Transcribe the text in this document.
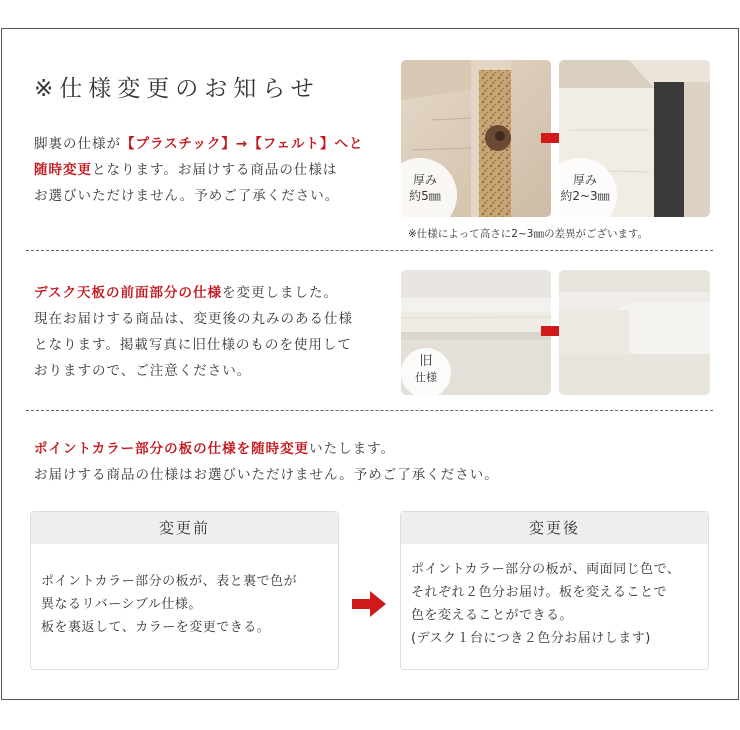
※仕様変更のお知らせ
脚裏の仕様が【プラスチック】→【フェルト】へと
随時変更となります。お届けする商品の仕様は
お選びいただけません。予めご了承ください。
厚み
約5㎜
厚み
約2~3㎜
※仕様によって高さに2~3㎜の差異がございます。
デスク天板の前面部分の仕様を変更しました。
現在お届けする商品は、変更後の丸みのある仕様
となります。掲載写真に旧仕様のものを使用して
おりますので、ご注意ください。
旧
仕様
ポイントカラー部分の板の仕様を随時変更いたします。
お届けする商品の仕様はお選びいただけません。予めご了承ください。
変更前
ポイントカラー部分の板が、表と裏で色が
異なるリバーシブル仕様。
板を裏返して、カラーを変更できる。
変更後
ポイントカラー部分の板が、両面同じ色で、
それぞれ２色分お届け。板を変えることで
色を変えることができる。
(デスク１台につき２色分お届けします)
